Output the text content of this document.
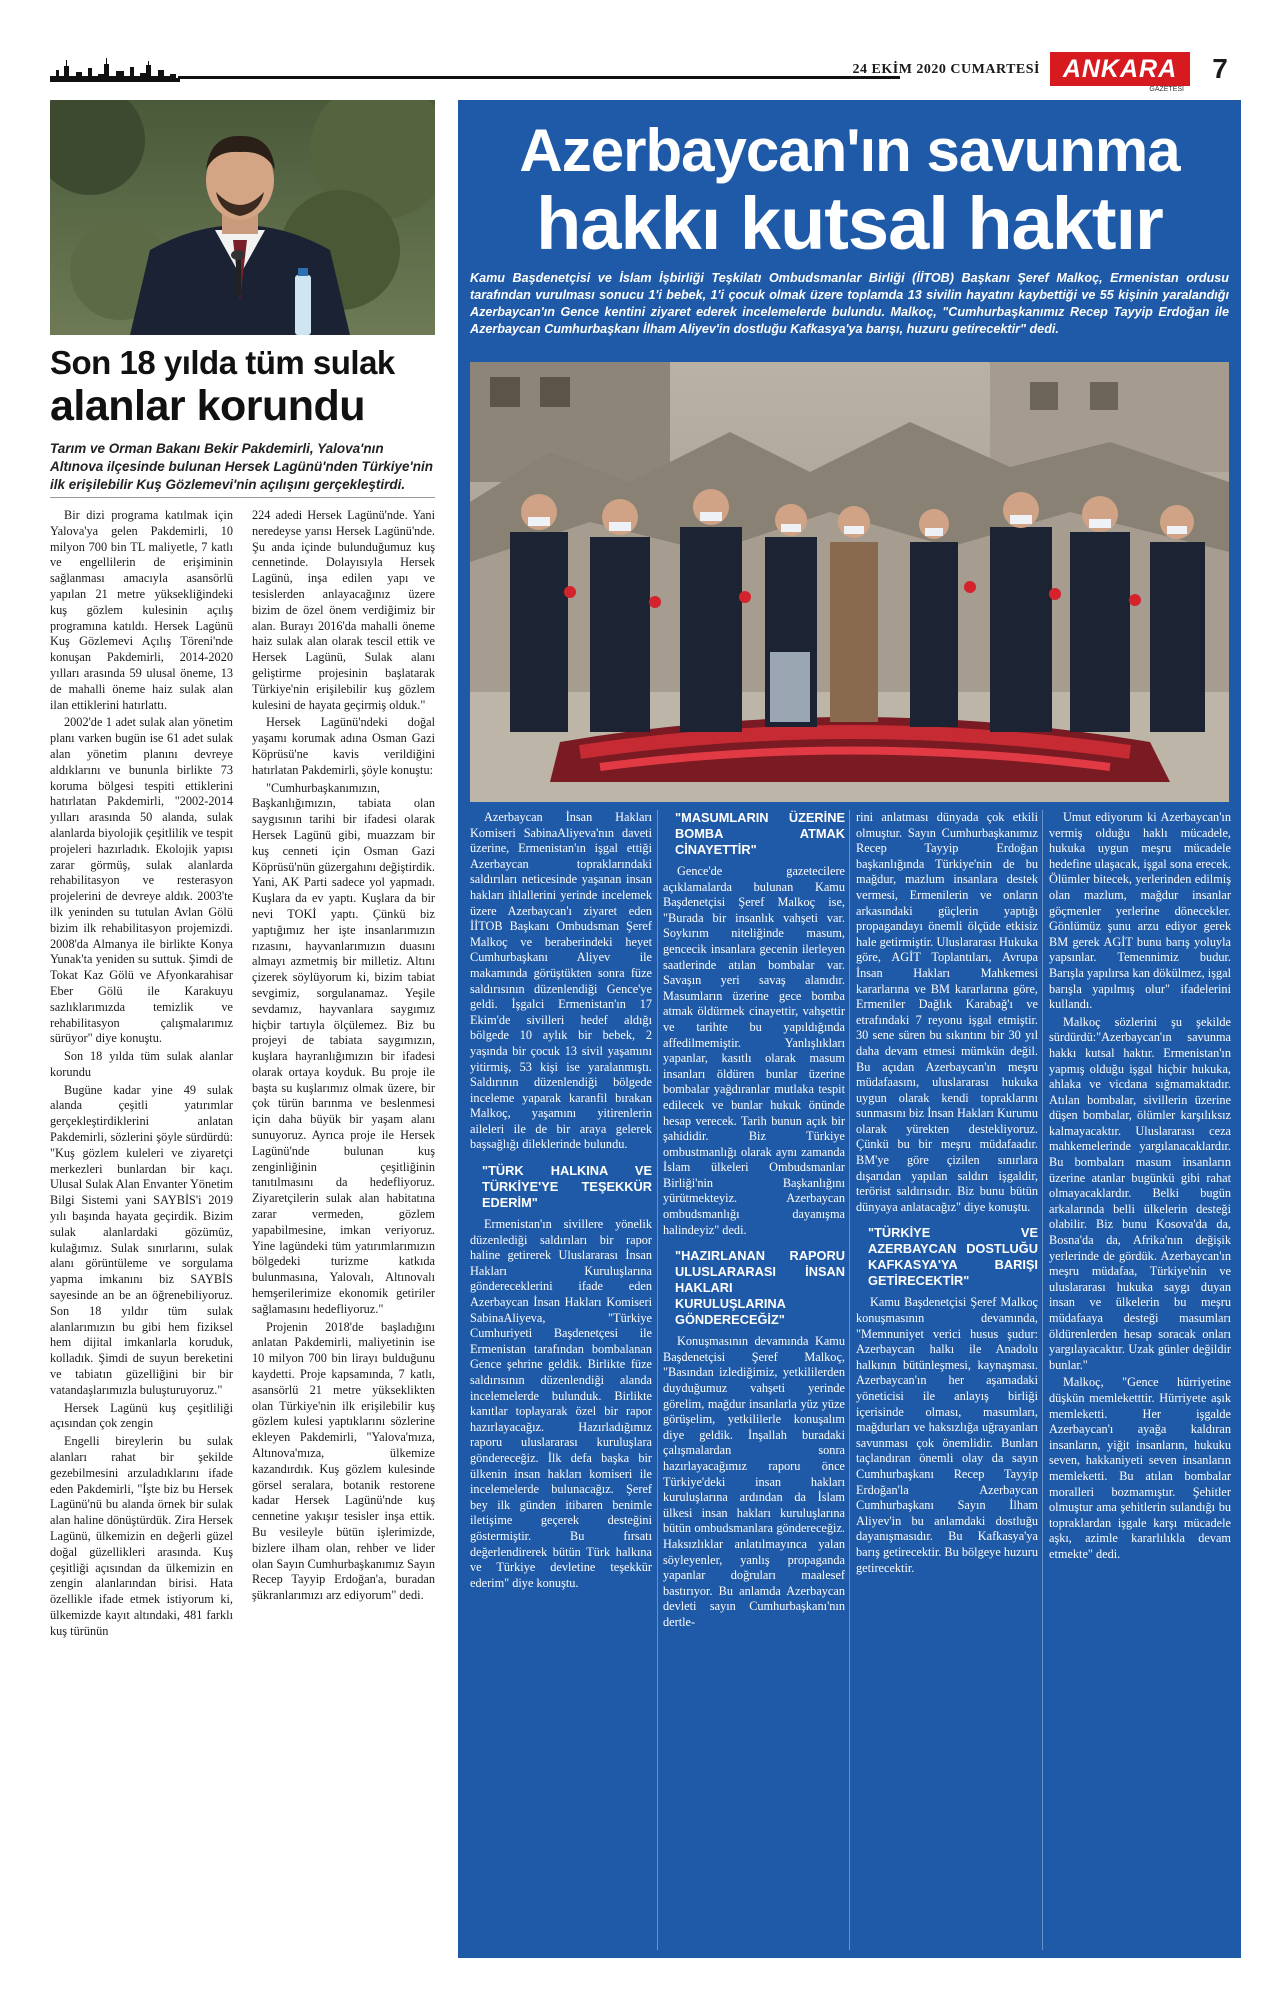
24 EKİM 2020 CUMARTESİ ANKARA
GAZETESİ
7
Son 18 yılda tüm sulak
alanlar korundu
Tarım ve Orman Bakanı Bekir Pakdemirli, Yalova'nın Altınova ilçesinde bulunan Hersek Lagünü'nden Türkiye'nin ilk erişilebilir Kuş Gözlemevi'nin açılışını gerçekleştirdi.

Bir dizi programa katılmak için Yalova'ya gelen Pakdemirli, 10 milyon 700 bin TL maliyetle, 7 katlı ve engellilerin de erişiminin sağlanması amacıyla asansörlü yapılan 21 metre yüksekliğindeki kuş gözlem kulesinin açılış programına katıldı. Hersek Lagünü Kuş Gözlemevi Açılış Töreni'nde konuşan Pakdemirli, 2014-2020 yılları arasında 59 ulusal öneme, 13 de mahalli öneme haiz sulak alan ilan ettiklerini hatırlattı.

2002'de 1 adet sulak alan yönetim planı varken bugün ise 61 adet sulak alan yönetim planını devreye aldıklarını ve bununla birlikte 73 koruma bölgesi tespiti ettiklerini hatırlatan Pakdemirli, "2002-2014 yılları arasında 50 alanda, sulak alanlarda biyolojik çeşitlilik ve tespit projeleri hazırladık. Ekolojik yapısı zarar görmüş, sulak alanlarda rehabilitasyon ve resterasyon projelerini de devreye aldık. 2003'te ilk yeninden su tutulan Avlan Gölü bizim ilk rehabilitasyon projemizdi. 2008'da Almanya ile birlikte Konya Yunak'ta yeniden su suttuk. Şimdi de Tokat Kaz Gölü ve Afyonkarahisar Eber Gölü ile Karakuyu sazlıklarımızda temizlik ve rehabilitasyon çalışmalarımız sürüyor" diye konuştu.

Son 18 yılda tüm sulak alanlar korundu

Bugüne kadar yine 49 sulak alanda çeşitli yatırımlar gerçekleştirdiklerini anlatan Pakdemirli, sözlerini şöyle sürdürdü: "Kuş gözlem kuleleri ve ziyaretçi merkezleri bunlardan bir kaçı. Ulusal Sulak Alan Envanter Yönetim Bilgi Sistemi yani SAYBİS'i 2019 yılı başında hayata geçirdik. Bizim sulak alanlardaki gözümüz, kulağımız. Sulak sınırlarını, sulak alanı görüntüleme ve sorgulama yapma imkanını biz SAYBİS sayesinde an be an öğrenebiliyoruz. Son 18 yıldır tüm sulak alanlarımızın bu gibi hem fiziksel hem dijital imkanlarla koruduk, kolladık. Şimdi de suyun bereketini ve tabiatın güzelliğini bir bir vatandaşlarımızla buluşturuyoruz."

Hersek Lagünü kuş çeşitliliği açısından çok zengin

Engelli bireylerin bu sulak alanları rahat bir şekilde gezebilmesini arzuladıklarını ifade eden Pakdemirli, "İşte biz bu Hersek Lagünü'nü bu alanda örnek bir sulak alan haline dönüştürdük. Zira Hersek Lagünü, ülkemizin en değerli güzel doğal güzellikleri arasında. Kuş çeşitliği açısından da ülkemizin en zengin alanlarından birisi. Hata özellikle ifade etmek istiyorum ki, ülkemizde kayıt altındaki, 481 farklı kuş türünün

224 adedi Hersek Lagünü'nde. Yani neredeyse yarısı Hersek Lagünü'nde. Şu anda içinde bulunduğumuz kuş cennetinde. Dolayısıyla Hersek Lagünü, inşa edilen yapı ve tesislerden anlayacağınız üzere bizim de özel önem verdiğimiz bir alan. Burayı 2016'da mahalli öneme haiz sulak alan olarak tescil ettik ve Hersek Lagünü, Sulak alanı geliştirme projesinin başlatarak Türkiye'nin erişilebilir kuş gözlem kulesini de hayata geçirmiş olduk."

Hersek Lagünü'ndeki doğal yaşamı korumak adına Osman Gazi Köprüsü'ne kavis verildiğini hatırlatan Pakdemirli, şöyle konuştu:

"Cumhurbaşkanımızın, Başkanlığımızın, tabiata olan saygısının tarihi bir ifadesi olarak Hersek Lagünü gibi, muazzam bir kuş cenneti için Osman Gazi Köprüsü'nün güzergahını değiştirdik. Yani, AK Parti sadece yol yapmadı. Kuşlara da ev yaptı. Kuşlara da bir nevi TOKİ yaptı. Çünkü biz yaptığımız her işte insanlarımızın rızasını, hayvanlarımızın duasını almayı azmetmiş bir milletiz. Altını çizerek söylüyorum ki, bizim tabiat sevgimiz, sorgulanamaz. Yeşile sevdamız, hayvanlara saygımız hiçbir tartıyla ölçülemez. Biz bu projeyi de tabiata saygımızın, kuşlara hayranlığımızın bir ifadesi olarak ortaya koyduk. Bu proje ile başta su kuşlarımız olmak üzere, bir çok türün barınma ve beslenmesi için daha büyük bir yaşam alanı sunuyoruz. Ayrıca proje ile Hersek Lagünü'nde bulunan kuş zenginliğinin çeşitliğinin tanıtılmasını da hedefliyoruz. Ziyaretçilerin sulak alan habitatına zarar vermeden, gözlem yapabilmesine, imkan veriyoruz. Yine lagündeki tüm yatırımlarımızın bölgedeki turizme katkıda bulunmasına, Yalovalı, Altınovalı hemşerilerimize ekonomik getiriler sağlamasını hedefliyoruz."

Projenin 2018'de başladığını anlatan Pakdemirli, maliyetinin ise 10 milyon 700 bin lirayı bulduğunu kaydetti. Proje kapsamında, 7 katlı, asansörlü 21 metre yükseklikten olan Türkiye'nin ilk erişilebilir kuş gözlem kulesi yaptıklarını sözlerine ekleyen Pakdemirli, "Yalova'mıza, Altınova'mıza, ülkemize kazandırdık. Kuş gözlem kulesinde görsel seralara, botanik restorene kadar Hersek Lagünü'nde kuş cennetine yakışır tesisler inşa ettik. Bu vesileyle bütün işlerimizde, bizlere ilham olan, rehber ve lider olan Sayın Cumhurbaşkanımız Sayın Recep Tayyip Erdoğan'a, buradan şükranlarımızı arz ediyorum" dedi.

Azerbaycan'ın savunma
hakkı kutsal haktır
Kamu Başdenetçisi ve İslam İşbirliği Teşkilatı Ombudsmanlar Birliği (İİTOB) Başkanı Şeref Malkoç, Ermenistan ordusu tarafından vurulması sonucu 1'i bebek, 1'i çocuk olmak üzere toplamda 13 sivilin hayatını kaybettiği ve 55 kişinin yaralandığı Azerbaycan'ın Gence kentini ziyaret ederek incelemelerde bulundu. Malkoç, "Cumhurbaşkanımız Recep Tayyip Erdoğan ile Azerbaycan Cumhurbaşkanı İlham Aliyev'in dostluğu Kafkasya'ya barışı, huzuru getirecektir" dedi.

Azerbaycan İnsan Hakları Komiseri SabinaAliyeva'nın daveti üzerine, Ermenistan'ın işgal ettiği Azerbaycan topraklarındaki saldırıları neticesinde yaşanan insan hakları ihlallerini yerinde incelemek üzere Azerbaycan'ı ziyaret eden İİTOB Başkanı Ombudsman Şeref Malkoç ve beraberindeki heyet Cumhurbaşkanı Aliyev ile makamında görüştükten sonra füze saldırısının düzenlendiği Gence'ye geldi. İşgalci Ermenistan'ın 17 Ekim'de sivilleri hedef aldığı bölgede 10 aylık bir bebek, 2 yaşında bir çocuk 13 sivil yaşamını yitirmiş, 53 kişi ise yaralanmıştı. Saldırının düzenlendiği bölgede inceleme yaparak karanfil bırakan Malkoç, yaşamını yitirenlerin aileleri ile de bir araya gelerek başsağlığı dileklerinde bulundu.

"TÜRK HALKINA VE TÜRKİYE'YE TEŞEKKÜR EDERİM"

Ermenistan'ın sivillere yönelik düzenlediği saldırıları bir rapor haline getirerek Uluslararası İnsan Hakları Kuruluşlarına göndereceklerini ifade eden Azerbaycan İnsan Hakları Komiseri SabinaAliyeva, "Türkiye Cumhuriyeti Başdenetçesi ile Ermenistan tarafından bombalanan Gence şehrine geldik. Birlikte füze saldırısının düzenlendiği alanda incelemelerde bulunduk. Birlikte kanıtlar toplayarak özel bir rapor hazırlayacağız. Hazırladığımız raporu uluslararası kuruluşlara göndereceğiz. İlk defa başka bir ülkenin insan hakları komiseri ile incelemelerde bulunacağız. Şeref bey ilk günden itibaren benimle iletişime geçerek desteğini göstermiştir. Bu fırsatı değerlendirerek bütün Türk halkına ve Türkiye devletine teşekkür ederim" diye konuştu.

"MASUMLARIN ÜZERİNE BOMBA ATMAK CİNAYETTİR"

Gence'de gazetecilere açıklamalarda bulunan Kamu Başdenetçisi Şeref Malkoç ise, "Burada bir insanlık vahşeti var. Soykırım niteliğinde masum, gencecik insanlara gecenin ilerleyen saatlerinde atılan bombalar var. Savaşın yeri savaş alanıdır. Masumların üzerine gece bomba atmak öldürmek cinayettir, vahşettir ve tarihte bu yapıldığında affedilmemiştir. Yanlışlıkları yapanlar, kasıtlı olarak masum insanları öldüren bunlar üzerine bombalar yağdıranlar mutlaka tespit edilecek ve bunlar hukuk önünde hesap verecek. Tarih bunun açık bir şahididir. Biz Türkiye ombustmanlığı olarak aynı zamanda İslam ülkeleri Ombudsmanlar Birliği'nin Başkanlığını yürütmekteyiz. Azerbaycan ombudsmanlığı dayanışma halindeyiz" dedi.

"HAZIRLANAN RAPORU ULUSLARARASI İNSAN HAKLARI KURULUŞLARINA GÖNDERECEĞİZ"

Konuşmasının devamında Kamu Başdenetçisi Şeref Malkoç, "Basından izlediğimiz, yetkililerden duyduğumuz vahşeti yerinde görelim, mağdur insanlarla yüz yüze görüşelim, yetkililerle konuşalım diye geldik. İnşallah buradaki çalışmalardan sonra hazırlayacağımız raporu önce Türkiye'deki insan hakları kuruluşlarına ardından da İslam ülkesi insan hakları kuruluşlarına bütün ombudsmanlara göndereceğiz. Haksızlıklar anlatılmayınca yalan söyleyenler, yanlış propaganda yapanlar doğruları maalesef bastırıyor. Bu anlamda Azerbaycan devleti sayın Cumhurbaşkanı'nın dertle-

rini anlatması dünyada çok etkili olmuştur. Sayın Cumhurbaşkanımız Recep Tayyip Erdoğan başkanlığında Türkiye'nin de bu mağdur, mazlum insanlara destek vermesi, Ermenilerin ve onların arkasındaki güçlerin yaptığı propagandayı önemli ölçüde etkisiz hale getirmiştir. Uluslararası Hukuka göre, AGİT Toplantıları, Avrupa İnsan Hakları Mahkemesi kararlarına ve BM kararlarına göre, Ermeniler Dağlık Karabağ'ı ve etrafındaki 7 reyonu işgal etmiştir. 30 sene süren bu sıkıntını bir 30 yıl daha devam etmesi mümkün değil. Bu açıdan Azerbaycan'ın meşru müdafaasını, uluslararası hukuka uygun olarak kendi topraklarını sunmasını biz İnsan Hakları Kurumu olarak yürekten destekliyoruz. Çünkü bu bir meşru müdafaadır. BM'ye göre çizilen sınırlara dışarıdan yapılan saldırı işgaldir, terörist saldırısıdır. Biz bunu bütün dünyaya anlatacağız" diye konuştu.

"TÜRKİYE VE AZERBAYCAN DOSTLUĞU KAFKASYA'YA BARIŞI GETİRECEKTİR"

Kamu Başdenetçisi Şeref Malkoç konuşmasının devamında, "Memnuniyet verici husus şudur: Azerbaycan halkı ile Anadolu halkının bütünleşmesi, kaynaşması. Azerbaycan'ın her aşamadaki yöneticisi ile anlayış birliği içerisinde olması, masumları, mağdurları ve haksızlığa uğrayanları savunması çok önemlidir. Bunları taçlandıran önemli olay da sayın Cumhurbaşkanı Recep Tayyip Erdoğan'la Azerbaycan Cumhurbaşkanı Sayın İlham Aliyev'in bu anlamdaki dostluğu dayanışmasıdır. Bu Kafkasya'ya barış getirecektir. Bu bölgeye huzuru getirecektir.

Umut ediyorum ki Azerbaycan'ın vermiş olduğu haklı mücadele, hukuka uygun meşru mücadele hedefine ulaşacak, işgal sona erecek. Ölümler bitecek, yerlerinden edilmiş olan mazlum, mağdur insanlar göçmenler yerlerine dönecekler. Gönlümüz şunu arzu ediyor gerek BM gerek AGİT bunu barış yoluyla yapsınlar. Temennimiz budur. Barışla yapılırsa kan dökülmez, işgal barışla yapılmış olur" ifadelerini kullandı.

Malkoç sözlerini şu şekilde sürdürdü:"Azerbaycan'ın savunma hakkı kutsal haktır. Ermenistan'ın yapmış olduğu işgal hiçbir hukuka, ahlaka ve vicdana sığmamaktadır. Atılan bombalar, sivillerin üzerine düşen bombalar, ölümler karşılıksız kalmayacaktır. Uluslararası ceza mahkemelerinde yargılanacaklardır. Bu bombaları masum insanların üzerine atanlar bugünkü gibi rahat olmayacaklardır. Belki bugün arkalarında belli ülkelerin desteği olabilir. Biz bunu Kosova'da da, Bosna'da da, Afrika'nın değişik yerlerinde de gördük. Azerbaycan'ın meşru müdafaa, Türkiye'nin ve uluslararası hukuka saygı duyan insan ve ülkelerin bu meşru müdafaaya desteği masumları öldürenlerden hesap soracak onları yargılayacaktır. Uzak günler değildir bunlar."

Malkoç, "Gence hürriyetine düşkün memleketttir. Hürriyete aşık memleketti. Her işgalde Azerbaycan'ı ayağa kaldıran insanların, yiğit insanların, hukuku seven, hakkaniyeti seven insanların memleketti. Bu atılan bombalar moralleri bozmamıştır. Şehitler olmuştur ama şehitlerin sulandığı bu topraklardan işgale karşı mücadele aşkı, azimle kararlılıkla devam etmekte" dedi.
